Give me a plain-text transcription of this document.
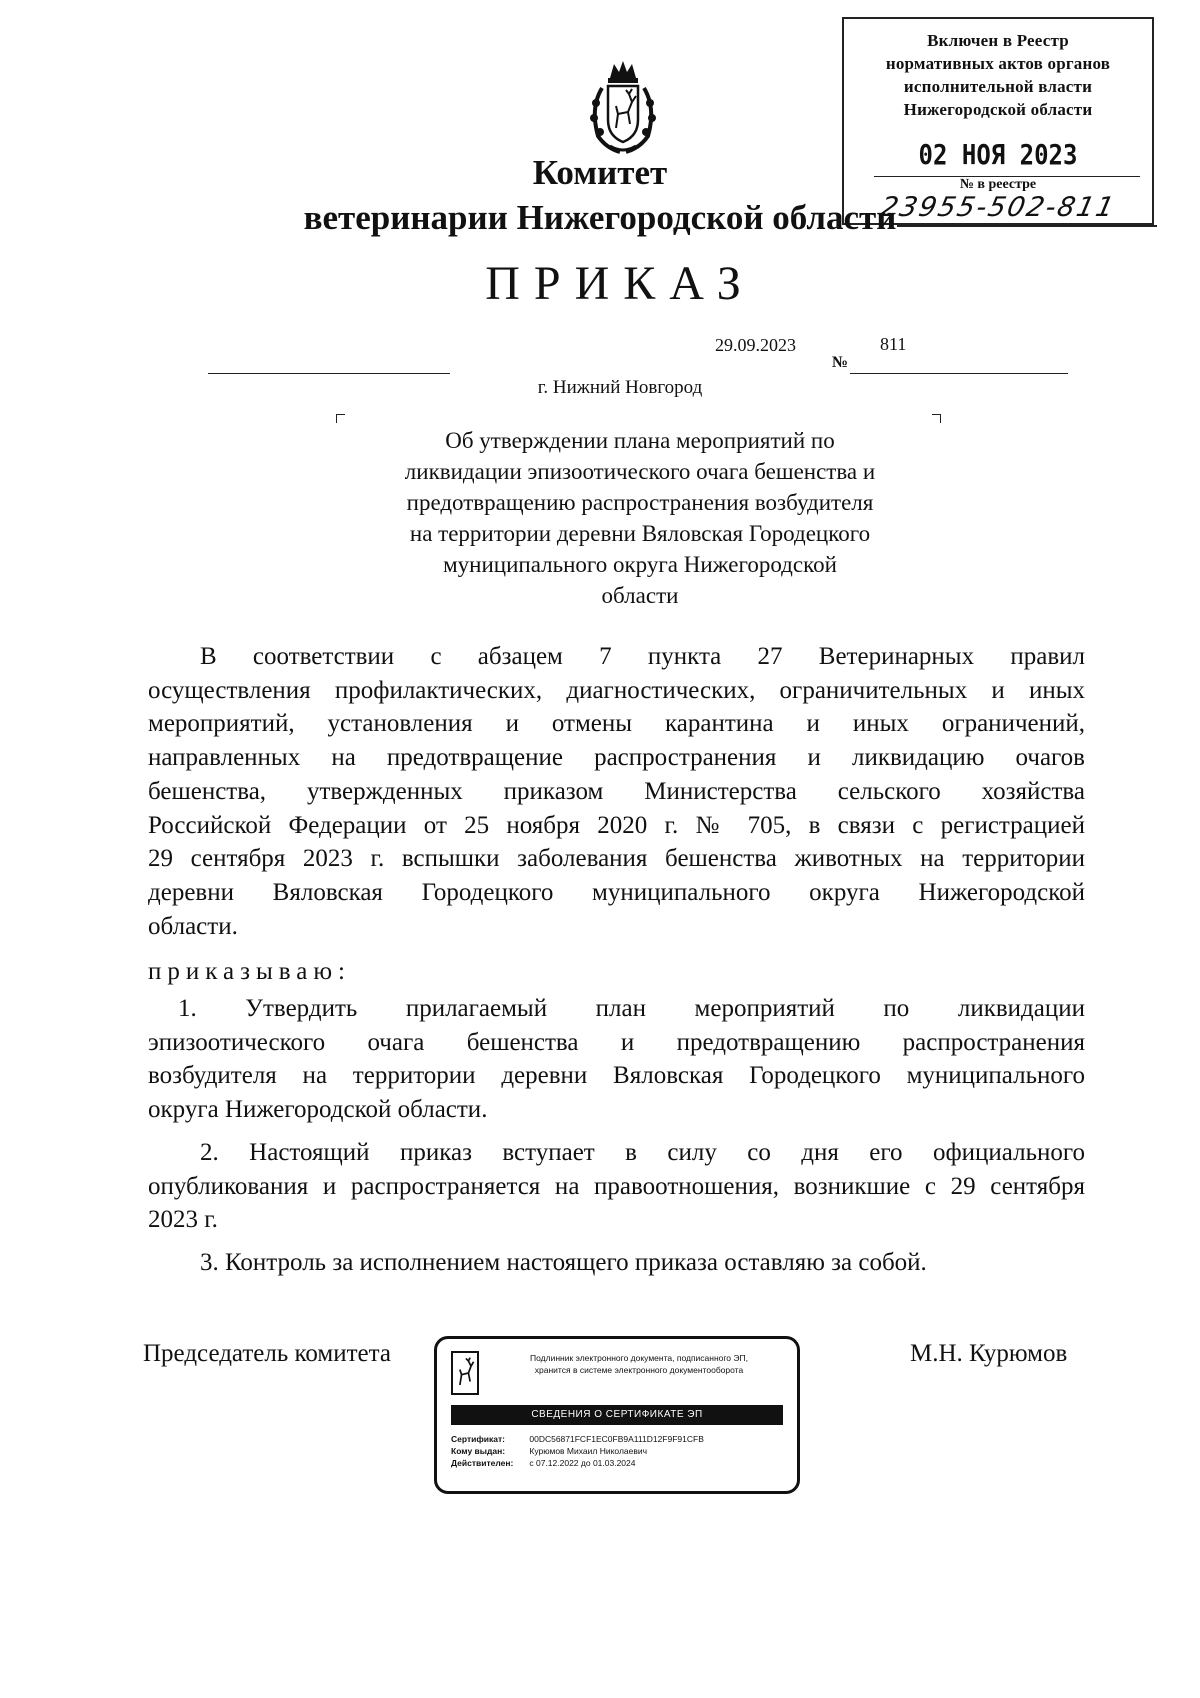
Включен в Реестр
нормативных актов органов
исполнительной власти
Нижегородской области
02 НОЯ 2023
№ в реестре
23955-502-811
Комитет
ветеринарии Нижегородской области
ПРИКАЗ
29.09.2023
№
811
г. Нижний Новгород
Об утверждении плана мероприятий по
ликвидации эпизоотического очага бешенства и
предотвращению распространения возбудителя
на территории деревни Вяловская Городецкого
муниципального округа Нижегородской
области
В соответствии с абзацем 7 пункта 27 Ветеринарных правил
осуществления профилактических, диагностических, ограничительных и иных
мероприятий, установления и отмены карантина и иных ограничений,
направленных на предотвращение распространения и ликвидацию очагов
бешенства, утвержденных приказом Министерства сельского хозяйства
Российской Федерации от 25 ноября 2020 г. № 705, в связи с регистрацией
29 сентября 2023 г. вспышки заболевания бешенства животных на территории
деревни Вяловская Городецкого муниципального округа Нижегородской
области.
приказываю:
1. Утвердить прилагаемый план мероприятий по ликвидации
эпизоотического очага бешенства и предотвращению распространения
возбудителя на территории деревни Вяловская Городецкого муниципального
округа Нижегородской области.
2. Настоящий приказ вступает в силу со дня его официального
опубликования и распространяется на правоотношения, возникшие с 29 сентября
2023 г.
3. Контроль за исполнением настоящего приказа оставляю за собой.
Председатель комитета	М.Н. Курюмов
Подлинник электронного документа, подписанного ЭП,
хранится в системе электронного документооборота
СВЕДЕНИЯ О СЕРТИФИКАТЕ ЭП
Сертификат:	00DC56871FCF1EC0FB9A111D12F9F91CFB
Кому выдан:	Курюмов Михаил Николаевич
Действителен: с 07.12.2022 до 01.03.2024
